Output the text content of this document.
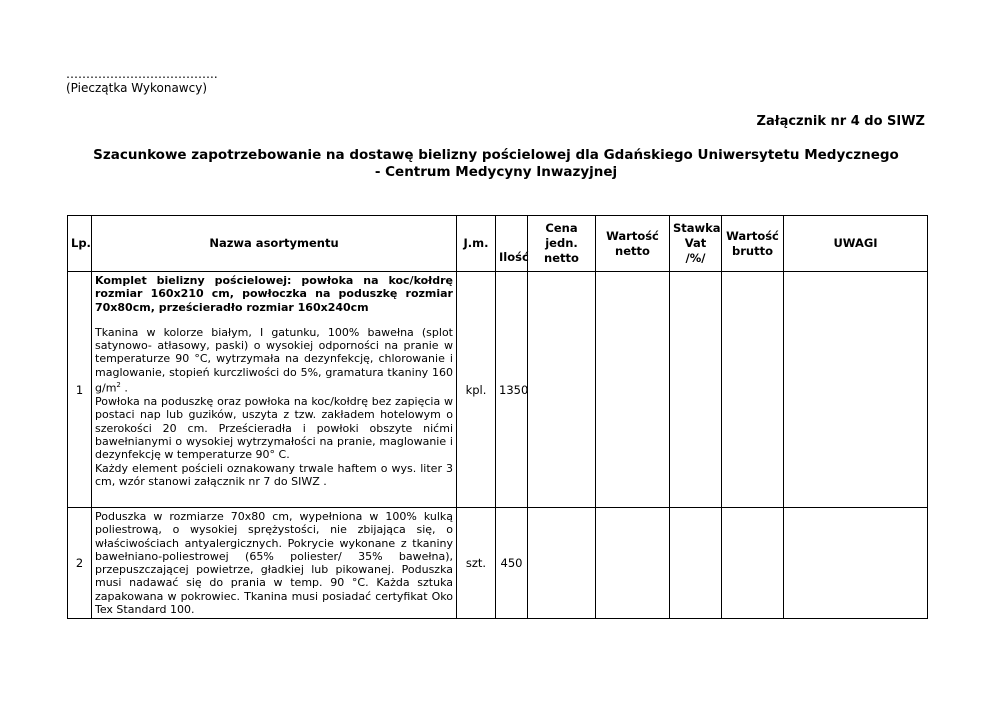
………………………………..
(Pieczątka Wykonawcy)
Załącznik nr 4 do SIWZ
Szacunkowe zapotrzebowanie na dostawę bielizny pościelowej dla Gdańskiego Uniwersytetu Medycznego
- Centrum Medycyny Inwazyjnej
Lp.	Nazwa asortymentu	J.m.	Ilość	Cena jedn. netto	Wartość netto	Stawka Vat /%/	Wartość brutto	UWAGI
1	Komplet bielizny pościelowej: powłoka na koc/kołdrę rozmiar 160x210 cm, powłoczka na poduszkę rozmiar 70x80cm, prześcieradło rozmiar 160x240cm

Tkanina w kolorze białym, I gatunku, 100% bawełna (splot satynowo- atłasowy, paski) o wysokiej odporności na pranie w temperaturze 90 °C, wytrzymała na dezynfekcję, chlorowanie i maglowanie, stopień kurczliwości do 5%, gramatura tkaniny 160 $g/m^2$ .

Powłoka na poduszkę oraz powłoka na koc/kołdrę bez zapięcia w postaci nap lub guzików, uszyta z tzw. zakładem hotelowym o szerokości 20 cm. Prześcieradła i powłoki obszyte nićmi bawełnianymi o wysokiej wytrzymałości na pranie, maglowanie i dezynfekcję w temperaturze 90° C.

Każdy element pościeli oznakowany trwale haftem o wys. liter 3 cm, wzór stanowi załącznik nr 7 do SIWZ .	kpl.	1350					
2	Poduszka w rozmiarze 70x80 cm, wypełniona w 100% kulką poliestrową, o wysokiej sprężystości, nie zbijająca się, o właściwościach antyalergicznych. Pokrycie wykonane z tkaniny bawełniano-poliestrowej (65% poliester/ 35% bawełna), przepuszczającej powietrze, gładkiej lub pikowanej. Poduszka musi nadawać się do prania w temp. 90 °C. Każda sztuka zapakowana w pokrowiec. Tkanina musi posiadać certyfikat Oko Tex Standard 100.	szt.	450					
